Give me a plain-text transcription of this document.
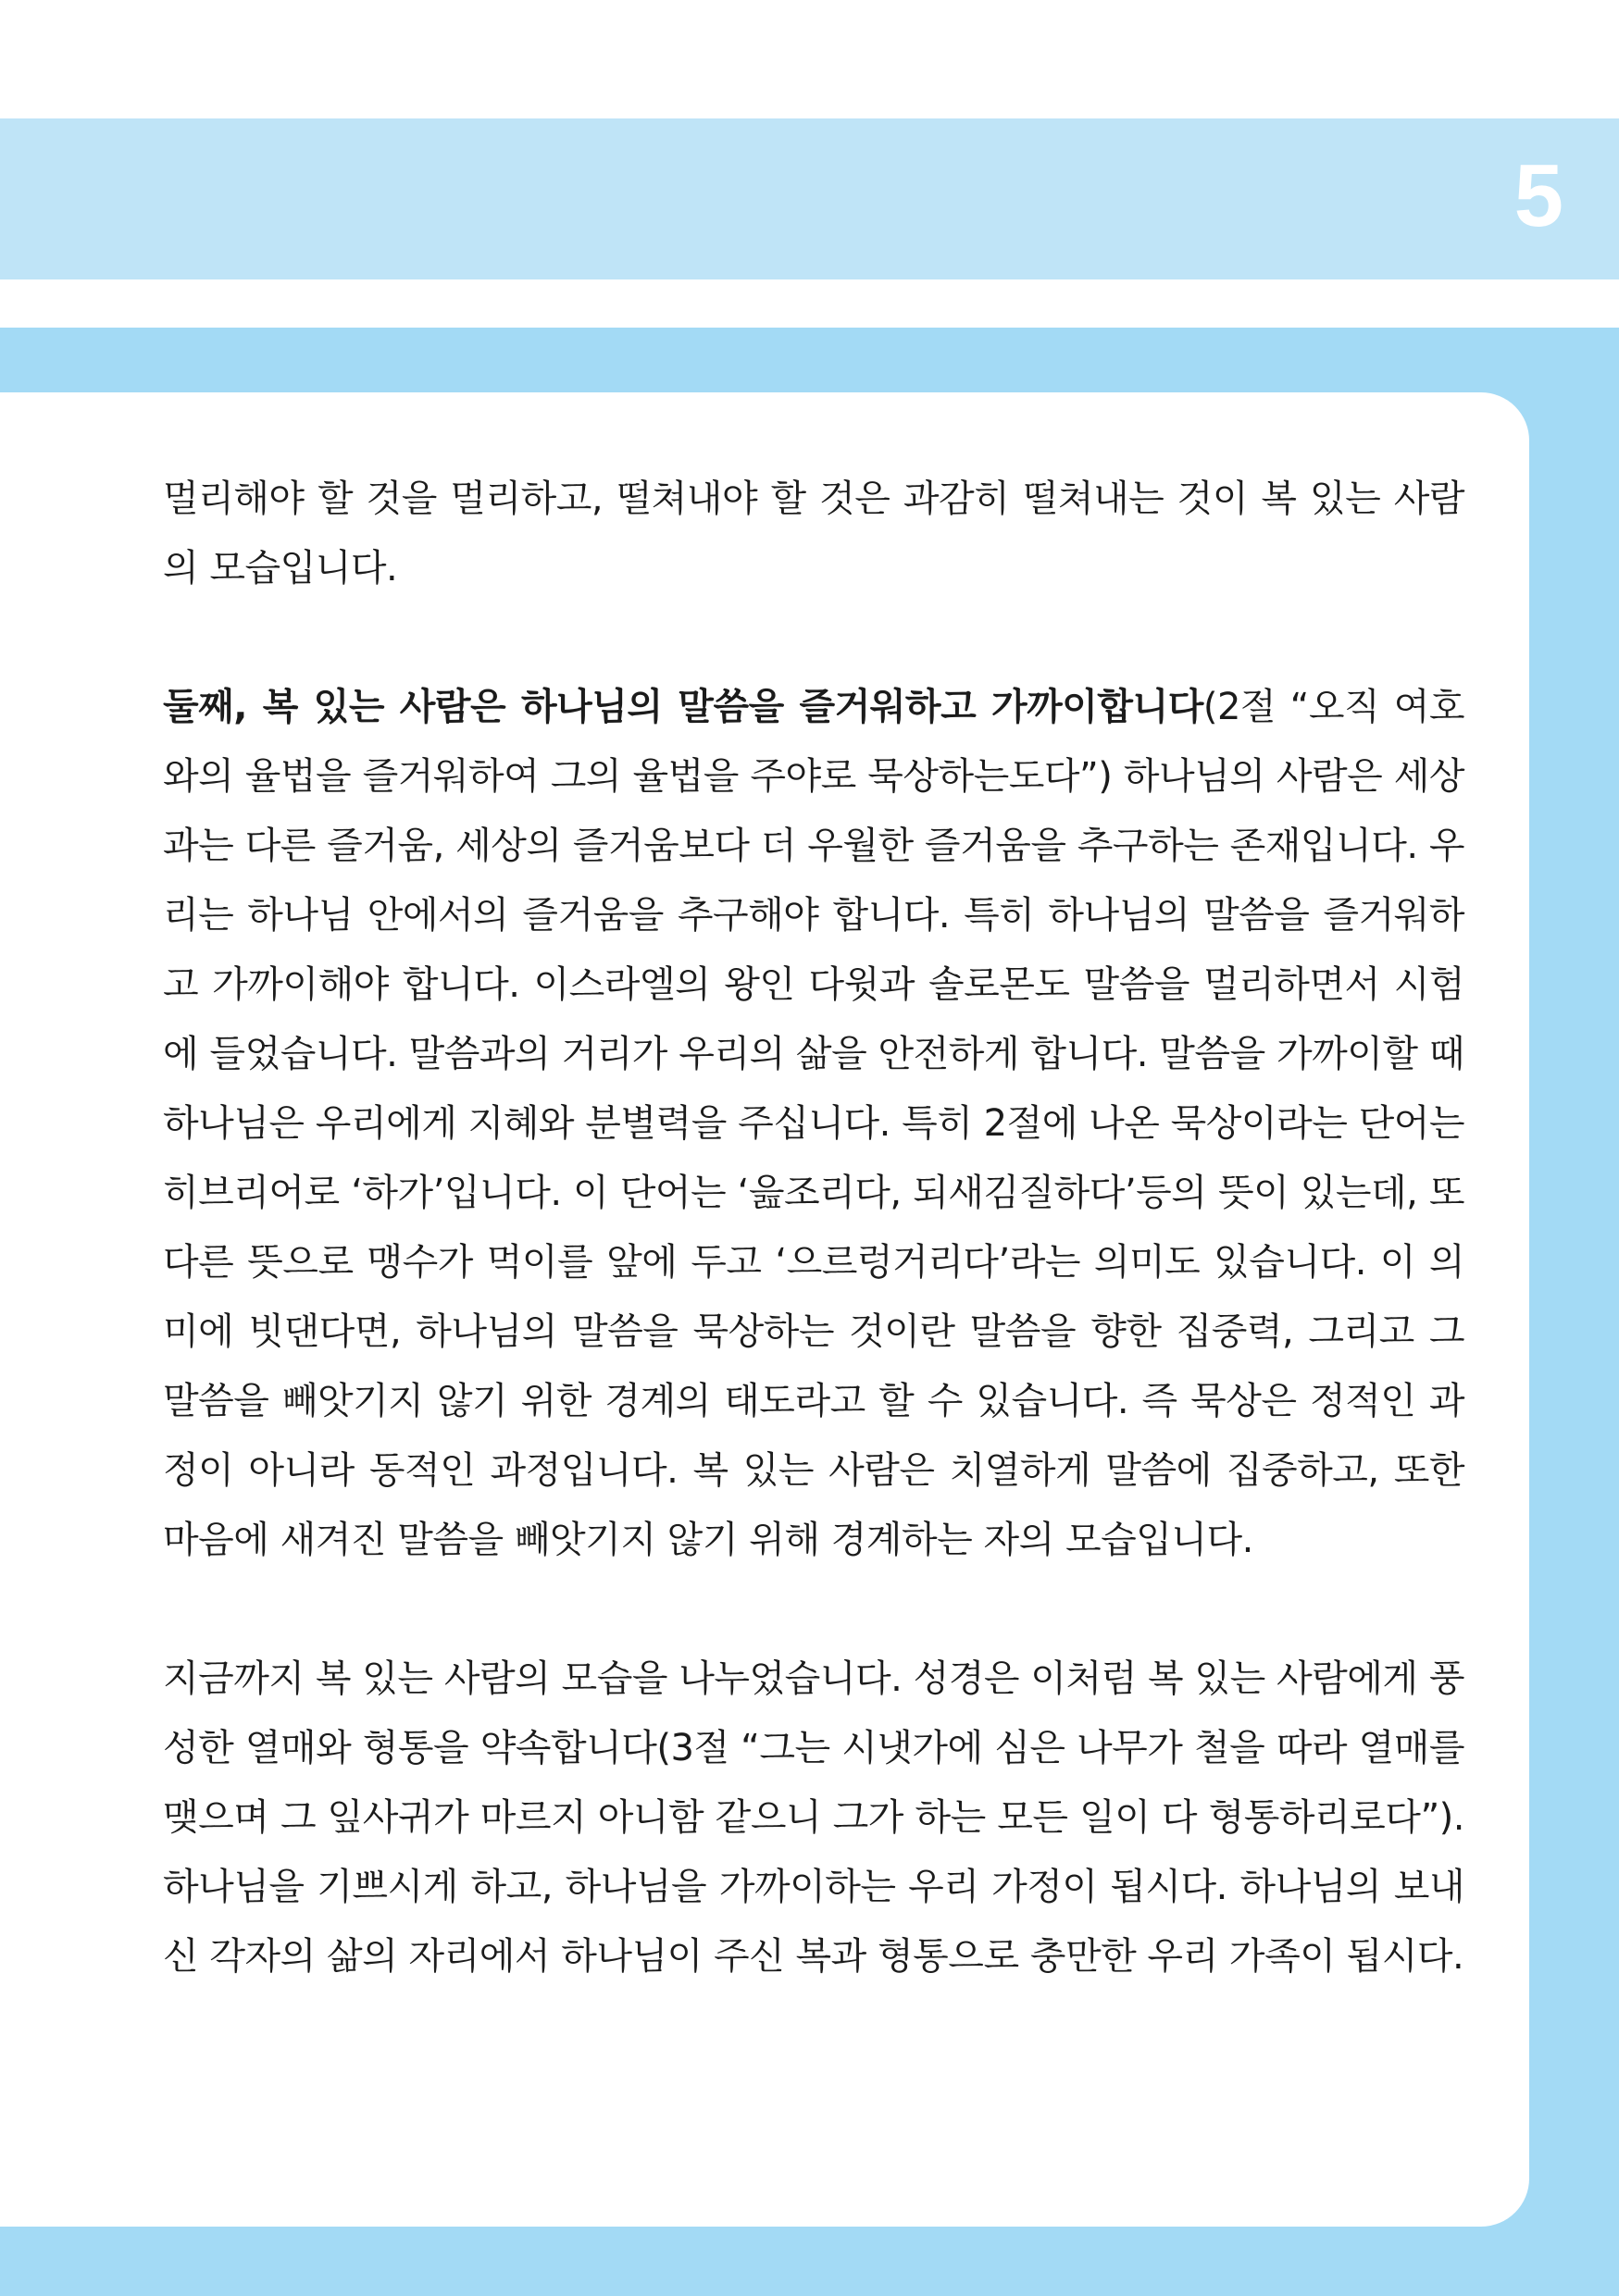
5

멀리해야 할 것을 멀리하고, 떨쳐내야 할 것은 과감히 떨쳐내는 것이 복 있는 사람의 모습입니다.

둘째, 복 있는 사람은 하나님의 말씀을 즐거워하고 가까이합니다(2절 “오직 여호와의 율법을 즐거워하여 그의 율법을 주야로 묵상하는도다”) 하나님의 사람은 세상과는 다른 즐거움, 세상의 즐거움보다 더 우월한 즐거움을 추구하는 존재입니다. 우리는 하나님 안에서의 즐거움을 추구해야 합니다. 특히 하나님의 말씀을 즐거워하고 가까이해야 합니다. 이스라엘의 왕인 다윗과 솔로몬도 말씀을 멀리하면서 시험에 들었습니다. 말씀과의 거리가 우리의 삶을 안전하게 합니다. 말씀을 가까이할 때 하나님은 우리에게 지혜와 분별력을 주십니다. 특히 2절에 나온 묵상이라는 단어는 히브리어로 ‘하가’입니다. 이 단어는 ‘읊조리다, 되새김질하다’등의 뜻이 있는데, 또 다른 뜻으로 맹수가 먹이를 앞에 두고 ‘으르렁거리다’라는 의미도 있습니다. 이 의미에 빗댄다면, 하나님의 말씀을 묵상하는 것이란 말씀을 향한 집중력, 그리고 그 말씀을 빼앗기지 않기 위한 경계의 태도라고 할 수 있습니다. 즉 묵상은 정적인 과정이 아니라 동적인 과정입니다. 복 있는 사람은 치열하게 말씀에 집중하고, 또한 마음에 새겨진 말씀을 빼앗기지 않기 위해 경계하는 자의 모습입니다.

지금까지 복 있는 사람의 모습을 나누었습니다. 성경은 이처럼 복 있는 사람에게 풍성한 열매와 형통을 약속합니다(3절 “그는 시냇가에 심은 나무가 철을 따라 열매를 맺으며 그 잎사귀가 마르지 아니함 같으니 그가 하는 모든 일이 다 형통하리로다”). 하나님을 기쁘시게 하고, 하나님을 가까이하는 우리 가정이 됩시다. 하나님의 보내신 각자의 삶의 자리에서 하나님이 주신 복과 형통으로 충만한 우리 가족이 됩시다.
